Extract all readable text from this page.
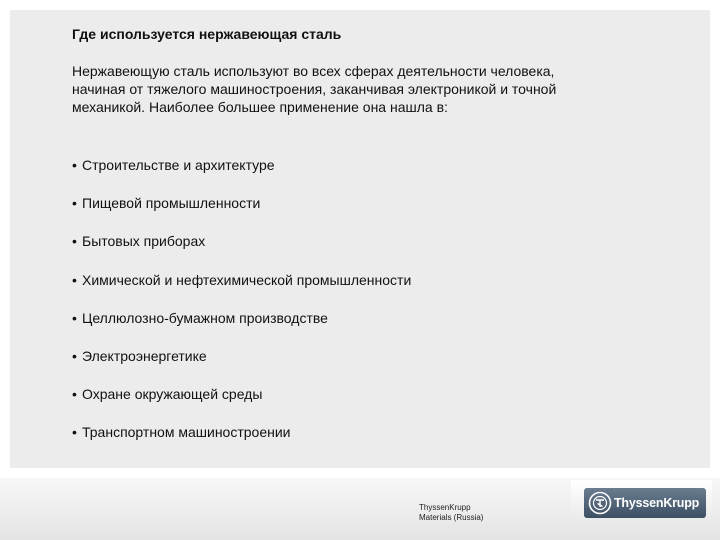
Где используется нержавеющая сталь

Нержавеющую сталь используют во всех сферах деятельности человека, начиная от тяжелого машиностроения, заканчивая электроникой и точной механикой. Наиболее большее применение она нашла в:

• Строительстве и архитектуре
• Пищевой промышленности
• Бытовых приборах
• Химической и нефтехимической промышленности
• Целлюлозно-бумажном производстве
• Электроэнергетике
• Охране окружающей среды
• Транспортном машиностроении
ThyssenKrupp
Materials (Russia)
ThyssenKrupp
